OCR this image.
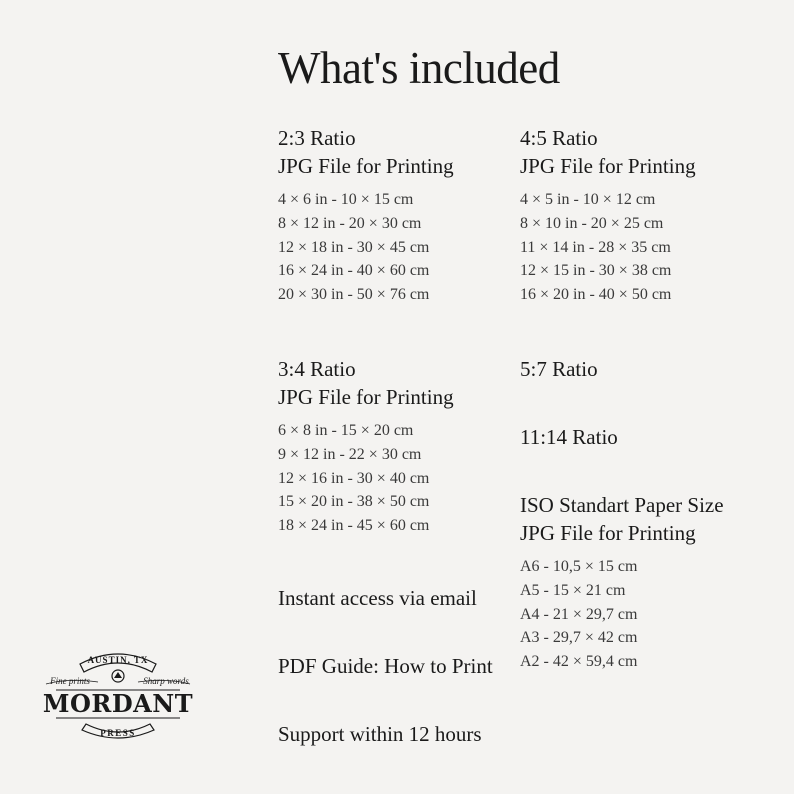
What's included
2:3 Ratio
JPG File for Printing
4 × 6 in - 10 × 15 cm
8 × 12 in - 20 × 30 cm
12 × 18 in - 30 × 45 cm
16 × 24 in - 40 × 60 cm
20 × 30 in - 50 × 76 cm
4:5 Ratio
JPG File for Printing
4 × 5 in - 10 × 12 cm
8 × 10 in - 20 × 25 cm
11 × 14 in - 28 × 35 cm
12 × 15 in - 30 × 38 cm
16 × 20 in - 40 × 50 cm
3:4 Ratio
JPG File for Printing
6 × 8 in - 15 × 20 cm
9 × 12 in - 22 × 30 cm
12 × 16 in - 30 × 40 cm
15 × 20 in - 38 × 50 cm
18 × 24 in - 45 × 60 cm
5:7 Ratio
11:14 Ratio
ISO Standart Paper Size
JPG File for Printing
A6 - 10,5 × 15 cm
A5 - 15 × 21 cm
A4 - 21 × 29,7 cm
A3 - 29,7 × 42 cm
A2 - 42 × 59,4 cm
Instant access via email
PDF Guide: How to Print
Support within 12 hours
AUSTIN, TX
Fine prints	Sharp words
MORDANT
PRESS
